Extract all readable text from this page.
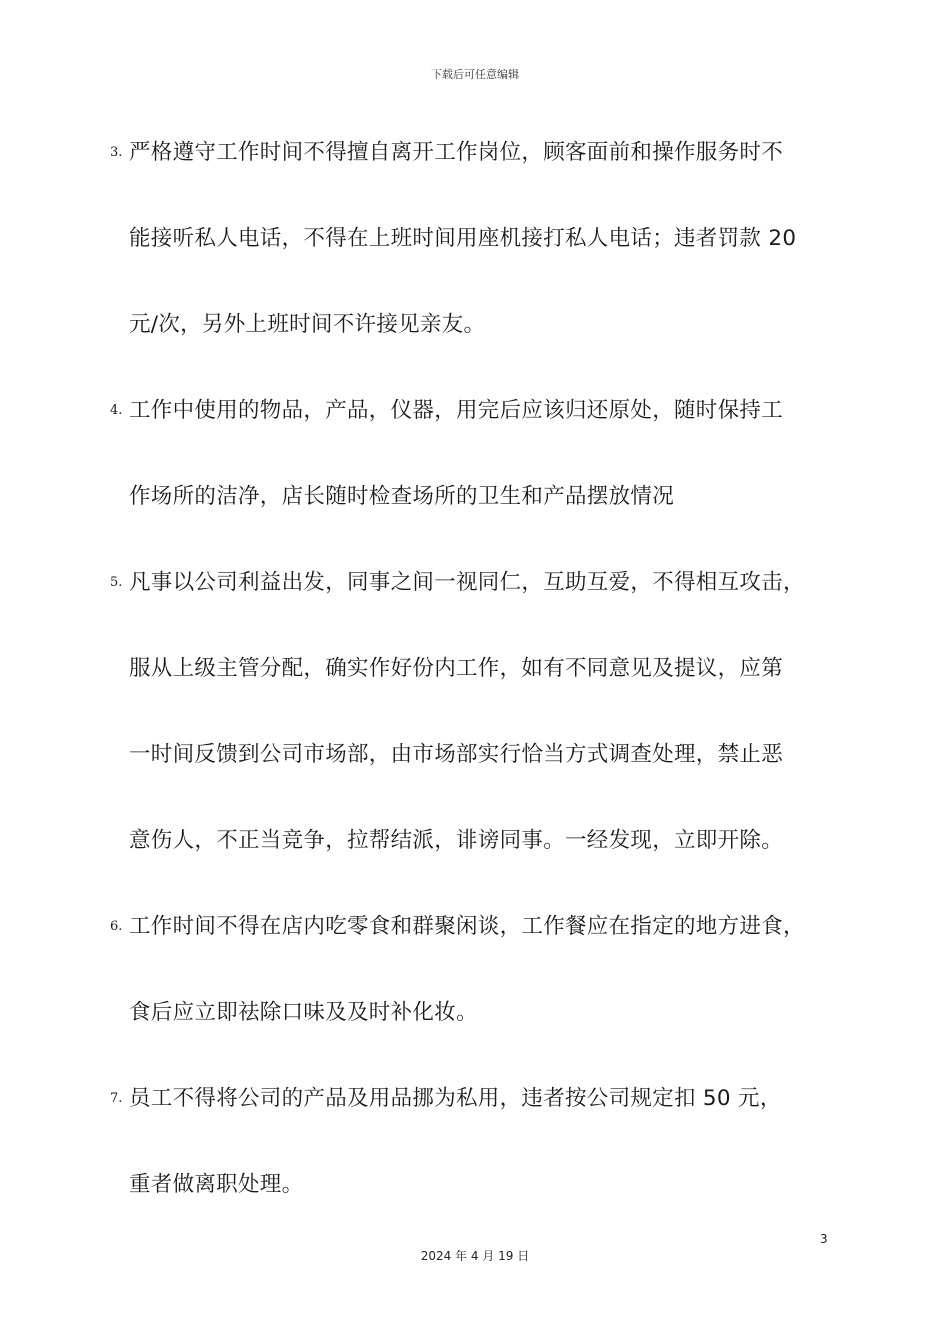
下载后可任意编辑
3. 严格遵守工作时间不得擅自离开工作岗位，顾客面前和操作服务时不
能接听私人电话，不得在上班时间用座机接打私人电话；违者罚款 20
元/次，另外上班时间不许接见亲友。
4. 工作中使用的物品，产品，仪器，用完后应该归还原处，随时保持工
作场所的洁净，店长随时检查场所的卫生和产品摆放情况
5. 凡事以公司利益出发，同事之间一视同仁，互助互爱，不得相互攻击，
服从上级主管分配，确实作好份内工作，如有不同意见及提议，应第
一时间反馈到公司市场部，由市场部实行恰当方式调查处理，禁止恶
意伤人，不正当竞争，拉帮结派，诽谤同事。一经发现，立即开除。
6. 工作时间不得在店内吃零食和群聚闲谈，工作餐应在指定的地方进食，
食后应立即祛除口味及及时补化妆。
7. 员工不得将公司的产品及用品挪为私用，违者按公司规定扣 50 元，
重者做离职处理。
3
2024 年 4 月 19 日
